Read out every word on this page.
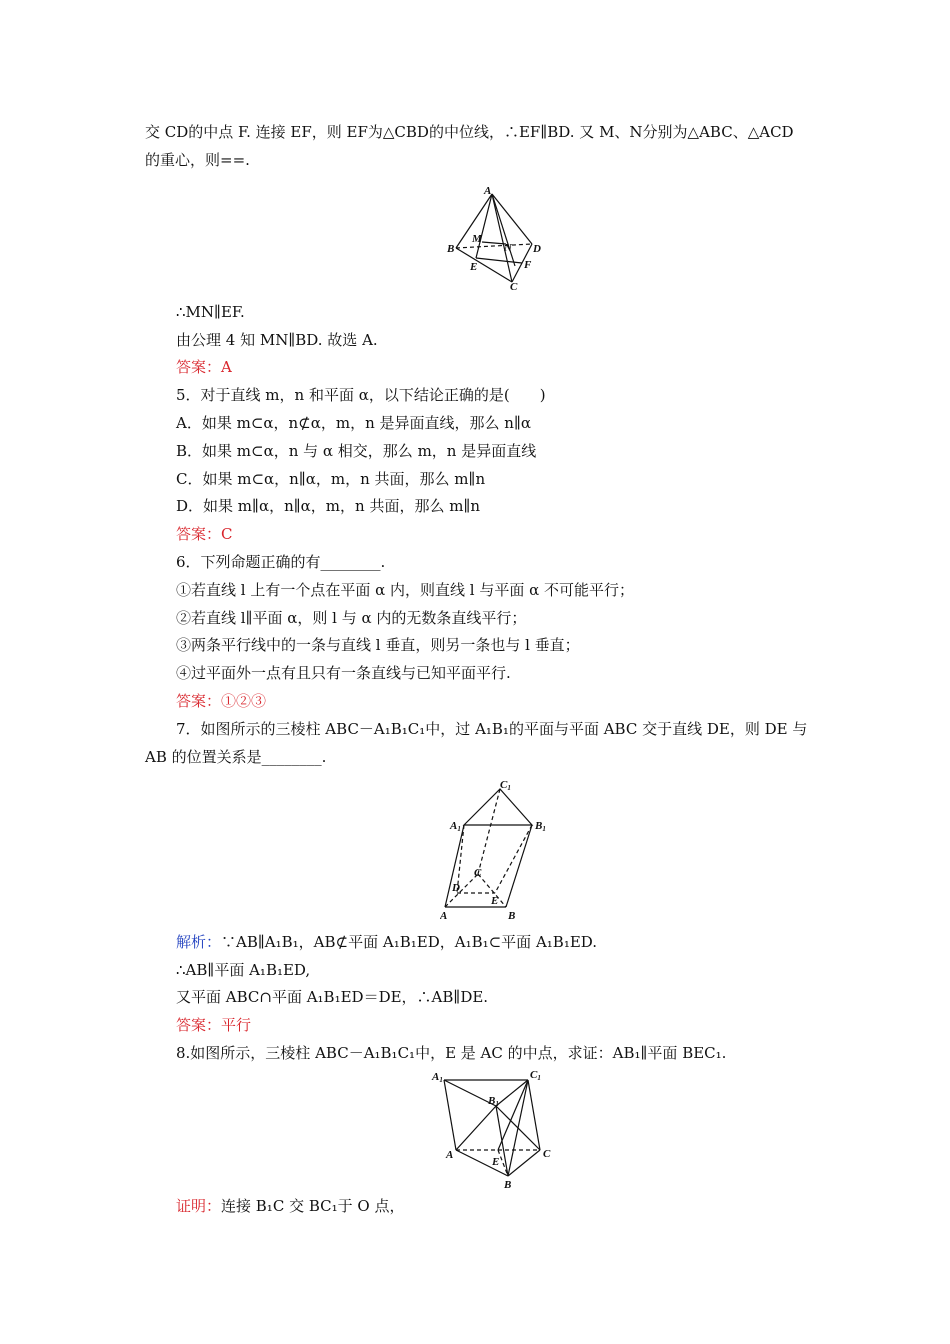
交 CD的中点 F. 连接 EF，则 EF为△CBD的中位线，∴EF∥BD. 又 M、N分别为△ABC、△ACD
的重心，则==.
A
B
C
D
E	F
M
N
∴MN∥EF.
由公理 4 知 MN∥BD. 故选 A.
答案：A
5．对于直线 m，n 和平面 α，以下结论正确的是(　　)
A．如果 m⊂α，n⊄α，m，n 是异面直线，那么 n∥α
B．如果 m⊂α，n 与 α 相交，那么 m，n 是异面直线
C．如果 m⊂α，n∥α，m，n 共面，那么 m∥n
D．如果 m∥α，n∥α，m，n 共面，那么 m∥n
答案：C
6．下列命题正确的有________.
①若直线 l 上有一个点在平面 α 内，则直线 l 与平面 α 不可能平行；
②若直线 l∥平面 α，则 l 与 α 内的无数条直线平行；
③两条平行线中的一条与直线 l 垂直，则另一条也与 l 垂直；
④过平面外一点有且只有一条直线与已知平面平行.
答案：①②③
7．如图所示的三棱柱 ABC－A₁B₁C₁中，过 A₁B₁的平面与平面 ABC 交于直线 DE，则 DE 与
AB 的位置关系是________.
C1
A1	B1
C
D
E
A	B
解析：∵AB∥A₁B₁，AB⊄平面 A₁B₁ED，A₁B₁⊂平面 A₁B₁ED.
∴AB∥平面 A₁B₁ED,
又平面 ABC∩平面 A₁B₁ED＝DE，∴AB∥DE.
答案：平行
8.如图所示，三棱柱 ABC－A₁B₁C₁中，E 是 AC 的中点，求证：AB₁∥平面 BEC₁.
A1	C1
B1
A	C
E
B
证明：连接 B₁C 交 BC₁于 O 点，
